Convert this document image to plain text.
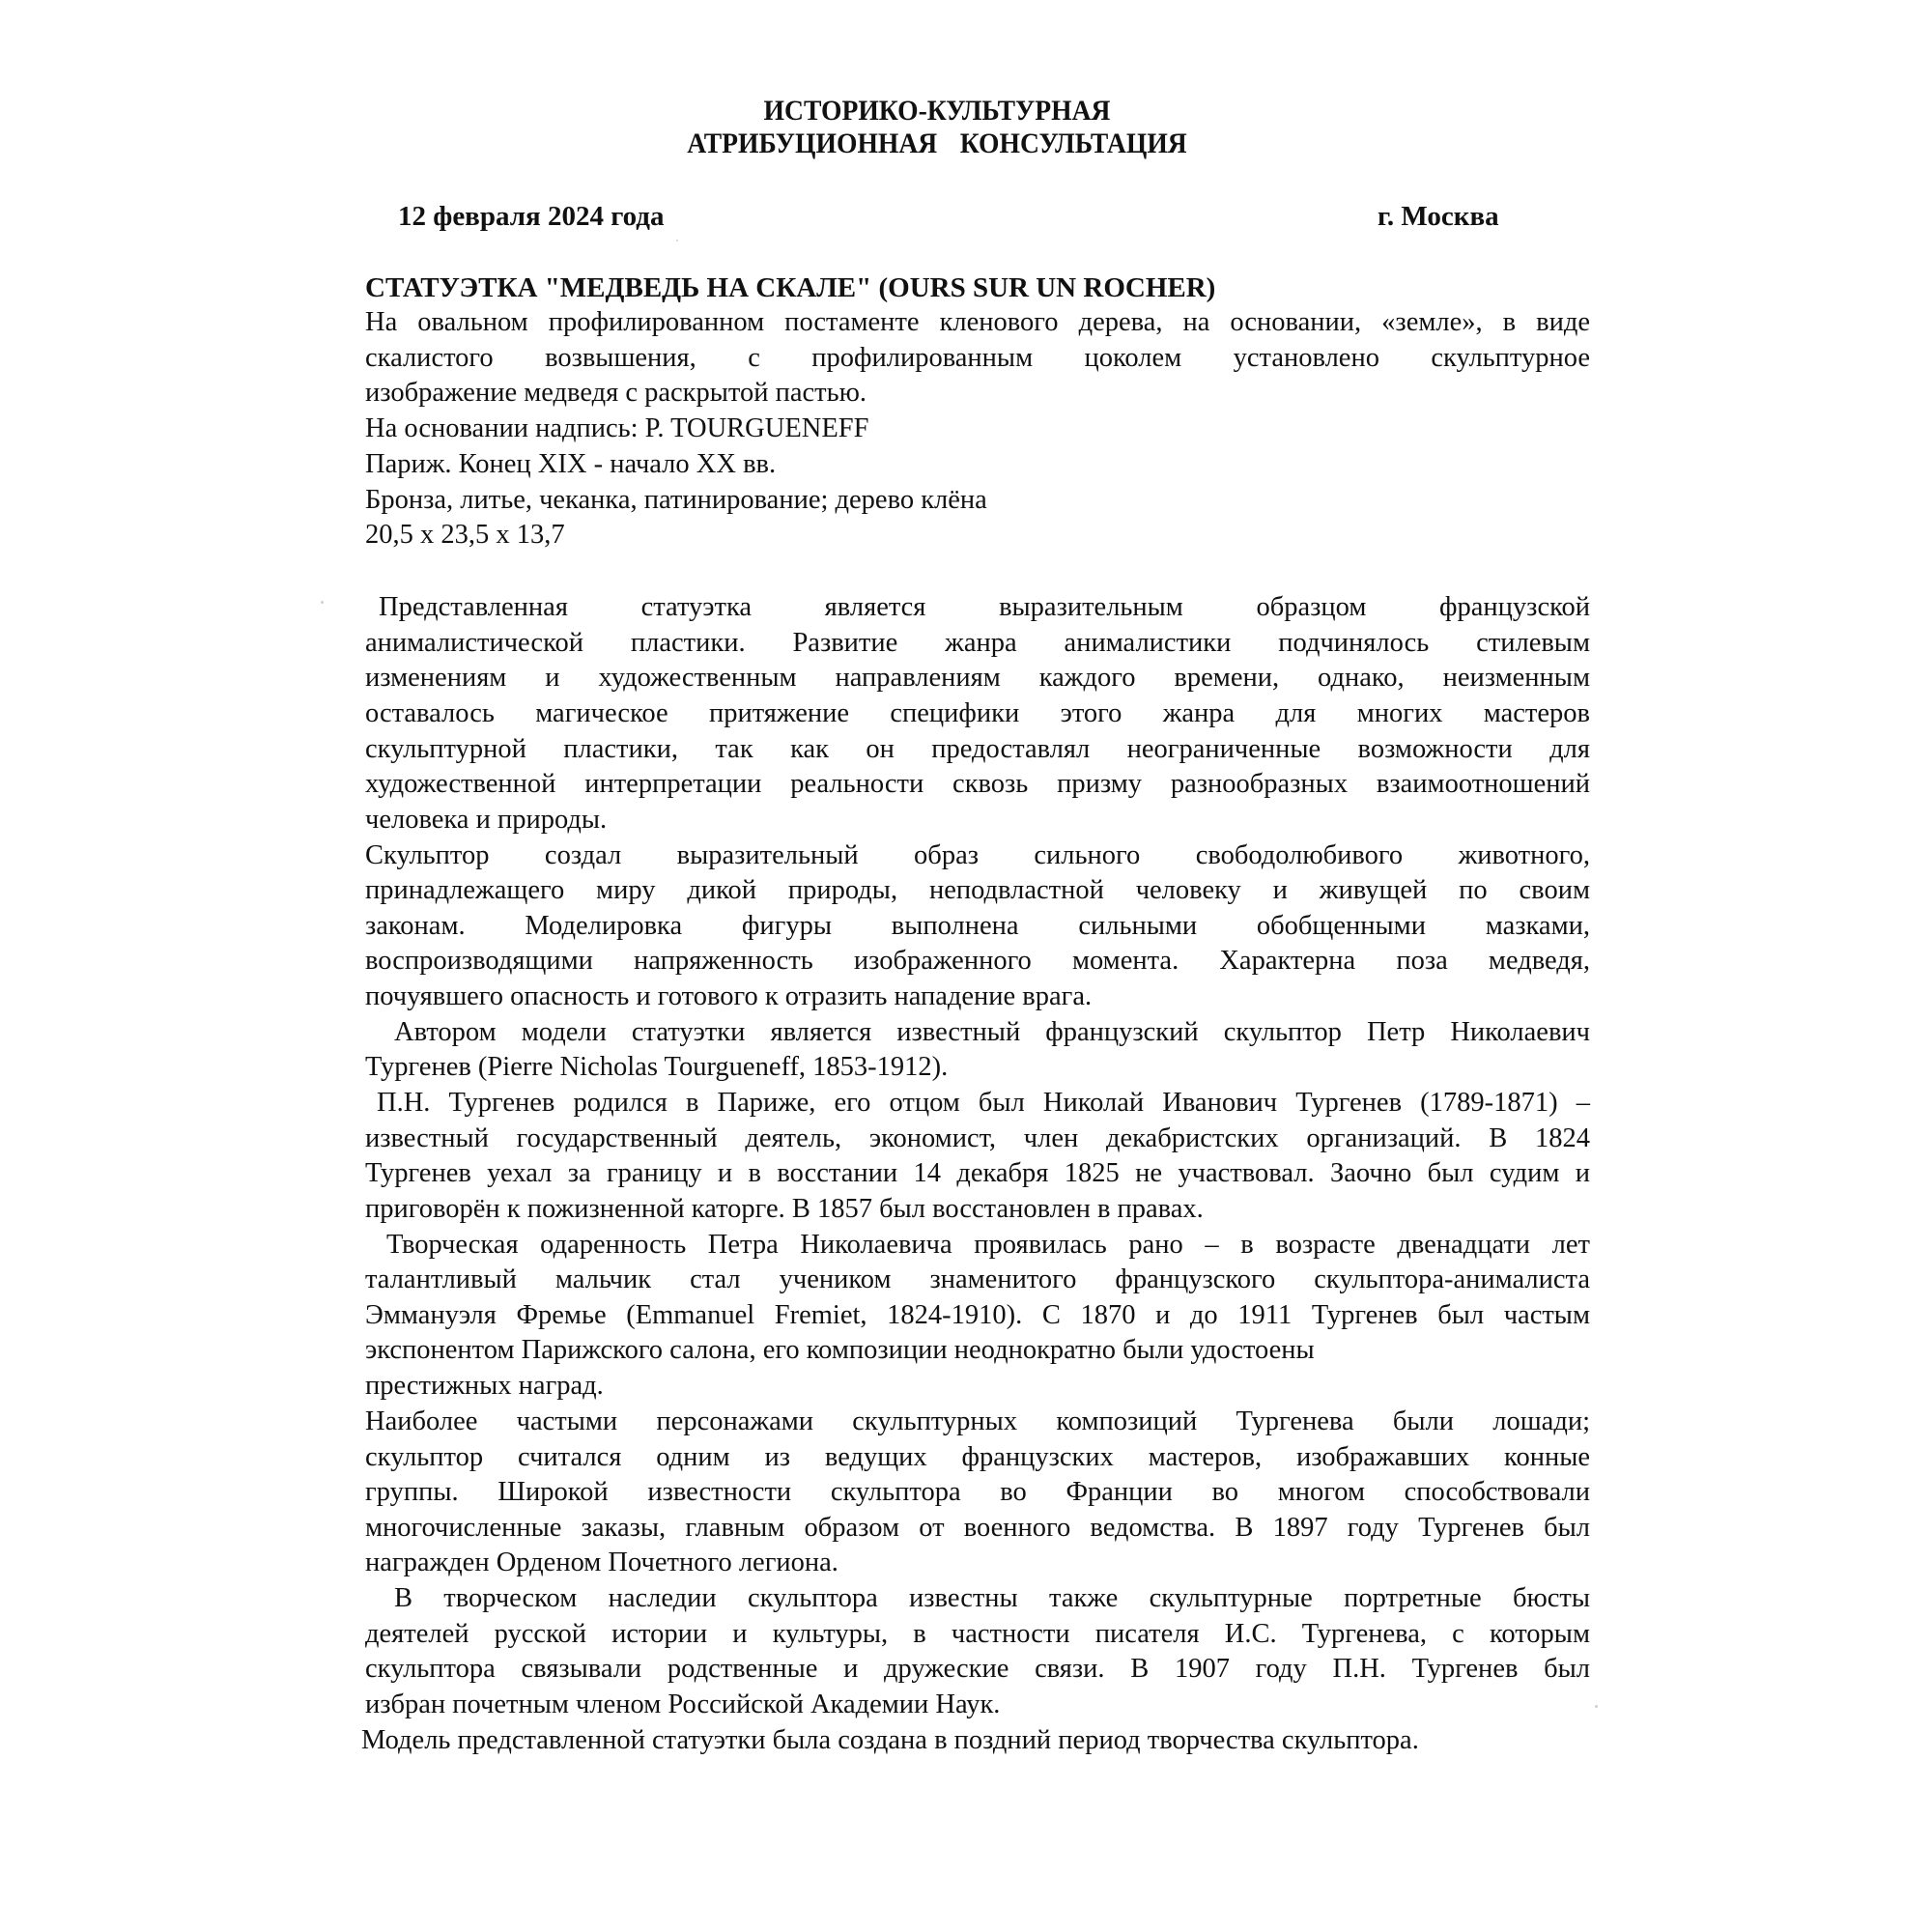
ИСТОРИКО-КУЛЬТУРНАЯ
АТРИБУЦИОННАЯ КОНСУЛЬТАЦИЯ
12 февраля 2024 года	г. Москва

СТАТУЭТКА "МЕДВЕДЬ НА СКАЛЕ" (OURS SUR UN ROCHER)

На овальном профилированном постаменте кленового дерева, на основании, «земле», в виде
скалистого возвышения, с профилированным цоколем установлено скульптурное
изображение медведя с раскрытой пастью.
На основании надпись: P. TOURGUENEFF
Париж. Конец XIX - начало XX вв.
Бронза, литье, чеканка, патинирование; дерево клёна
20,5 х 23,5 х 13,7
Представленная статуэтка является выразительным образцом французской
анималистической пластики. Развитие жанра анималистики подчинялось стилевым
изменениям и художественным направлениям каждого времени, однако, неизменным
оставалось магическое притяжение специфики этого жанра для многих мастеров
скульптурной пластики, так как он предоставлял неограниченные возможности для
художественной интерпретации реальности сквозь призму разнообразных взаимоотношений
человека и природы.
Скульптор создал выразительный образ сильного свободолюбивого животного,
принадлежащего миру дикой природы, неподвластной человеку и живущей по своим
законам. Моделировка фигуры выполнена сильными обобщенными мазками,
воспроизводящими напряженность изображенного момента. Характерна поза медведя,
почуявшего опасность и готового к отразить нападение врага.
Автором модели статуэтки является известный французский скульптор Петр Николаевич
Тургенев (Pierre Nicholas Tourgueneff, 1853-1912).
П.Н. Тургенев родился в Париже, его отцом был Николай Иванович Тургенев (1789-1871) –
известный государственный деятель, экономист, член декабристских организаций. В 1824
Тургенев уехал за границу и в восстании 14 декабря 1825 не участвовал. Заочно был судим и
приговорён к пожизненной каторге. В 1857 был восстановлен в правах.
Творческая одаренность Петра Николаевича проявилась рано – в возрасте двенадцати лет
талантливый мальчик стал учеником знаменитого французского скульптора-анималиста
Эммануэля Фремье (Emmanuel Fremiet, 1824-1910). С 1870 и до 1911 Тургенев был частым
экспонентом Парижского салона, его композиции неоднократно были удостоены
престижных наград.
Наиболее частыми персонажами скульптурных композиций Тургенева были лошади;
скульптор считался одним из ведущих французских мастеров, изображавших конные
группы. Широкой известности скульптора во Франции во многом способствовали
многочисленные заказы, главным образом от военного ведомства. В 1897 году Тургенев был
награжден Орденом Почетного легиона.
В творческом наследии скульптора известны также скульптурные портретные бюсты
деятелей русской истории и культуры, в частности писателя И.С. Тургенева, с которым
скульптора связывали родственные и дружеские связи. В 1907 году П.Н. Тургенев был
избран почетным членом Российской Академии Наук.
Модель представленной статуэтки была создана в поздний период творчества скульптора.
